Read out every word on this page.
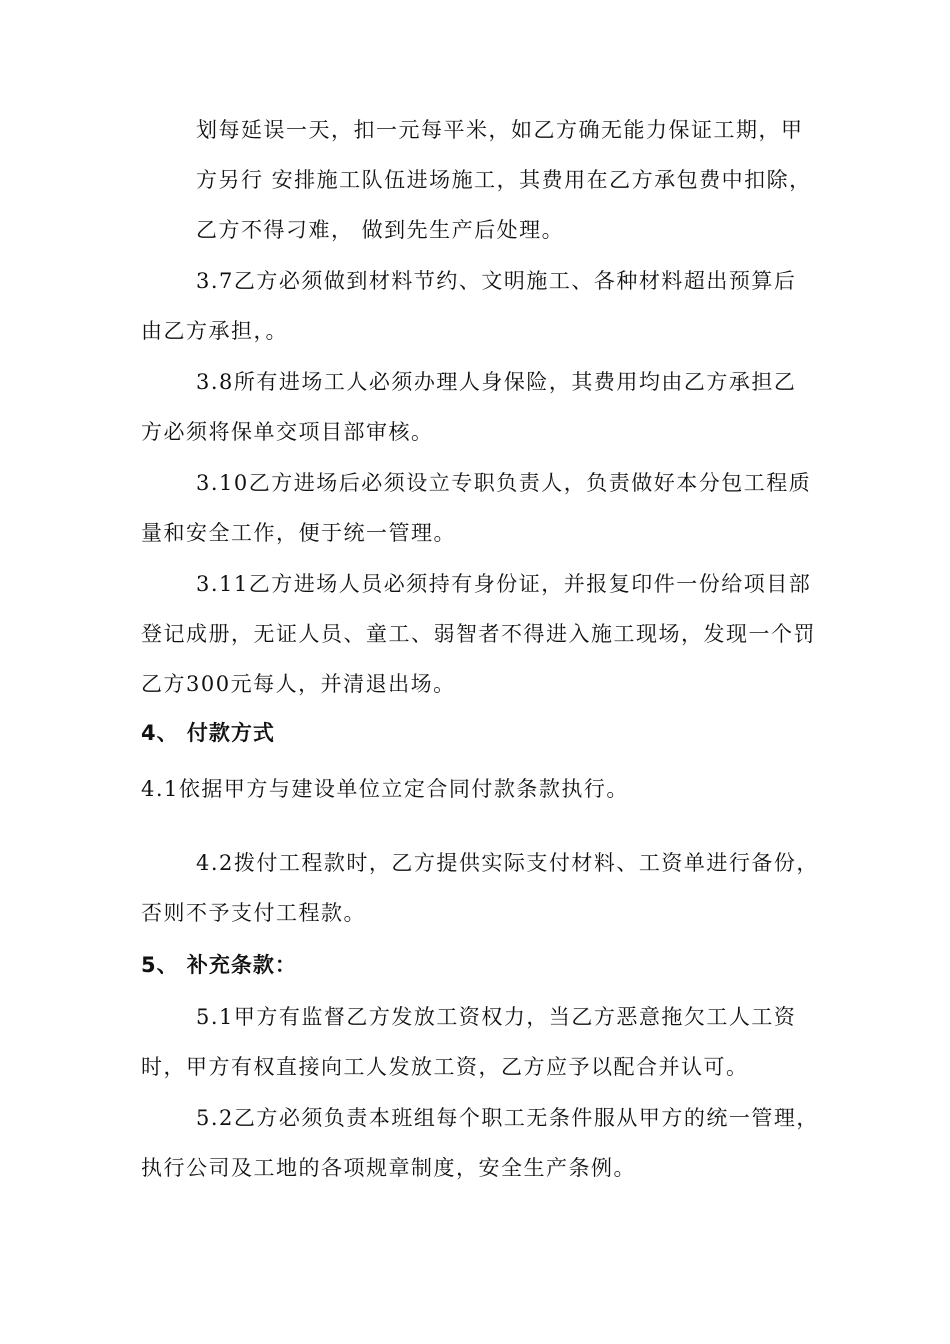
划每延误一天，扣一元每平米，如乙方确无能力保证工期，甲
方另行 安排施工队伍进场施工，其费用在乙方承包费中扣除，
乙方不得刁难， 做到先生产后处理。
3.7乙方必须做到材料节约、文明施工、各种材料超出预算后
由乙方承担，。
3.8所有进场工人必须办理人身保险，其费用均由乙方承担乙
方必须将保单交项目部审核。
3.10乙方进场后必须设立专职负责人，负责做好本分包工程质
量和安全工作，便于统一管理。
3.11乙方进场人员必须持有身份证，并报复印件一份给项目部
登记成册，无证人员、童工、弱智者不得进入施工现场，发现一个罚
乙方300元每人，并清退出场。
4、 付款方式
4.1依据甲方与建设单位立定合同付款条款执行。
4.2拨付工程款时，乙方提供实际支付材料、工资单进行备份，
否则不予支付工程款。
5、 补充条款：
5.1甲方有监督乙方发放工资权力，当乙方恶意拖欠工人工资
时，甲方有权直接向工人发放工资，乙方应予以配合并认可。
5.2乙方必须负责本班组每个职工无条件服从甲方的统一管理，
执行公司及工地的各项规章制度，安全生产条例。
